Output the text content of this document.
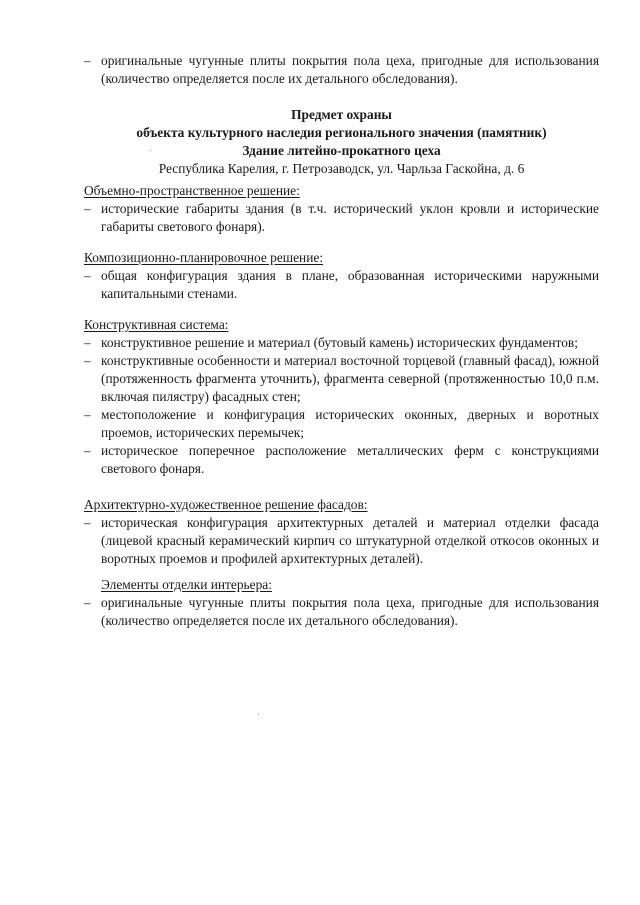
– оригинальные чугунные плиты покрытия пола цеха, пригодные для использования (количество определяется после их детального обследования).
Предмет охраны
объекта культурного наследия регионального значения (памятник)
Здание литейно-прокатного цеха
Республика Карелия, г. Петрозаводск, ул. Чарльза Гаскойна, д. 6
Объемно-пространственное решение:
– исторические габариты здания (в т.ч. исторический уклон кровли и исторические габариты светового фонаря).
Композиционно-планировочное решение:
– общая конфигурация здания в плане, образованная историческими наружными капитальными стенами.
Конструктивная система:
– конструктивное решение и материал (бутовый камень) исторических фундаментов;
– конструктивные особенности и материал восточной торцевой (главный фасад), южной (протяженность фрагмента уточнить), фрагмента северной (протяженностью 10,0 п.м. включая пилястру) фасадных стен;
– местоположение и конфигурация исторических оконных, дверных и воротных проемов, исторических перемычек;
– историческое поперечное расположение металлических ферм с конструкциями светового фонаря.
Архитектурно-художественное решение фасадов:
– историческая конфигурация архитектурных деталей и материал отделки фасада (лицевой красный керамический кирпич со штукатурной отделкой откосов оконных и воротных проемов и профилей архитектурных деталей).
Элементы отделки интерьера:
– оригинальные чугунные плиты покрытия пола цеха, пригодные для использования (количество определяется после их детального обследования).
